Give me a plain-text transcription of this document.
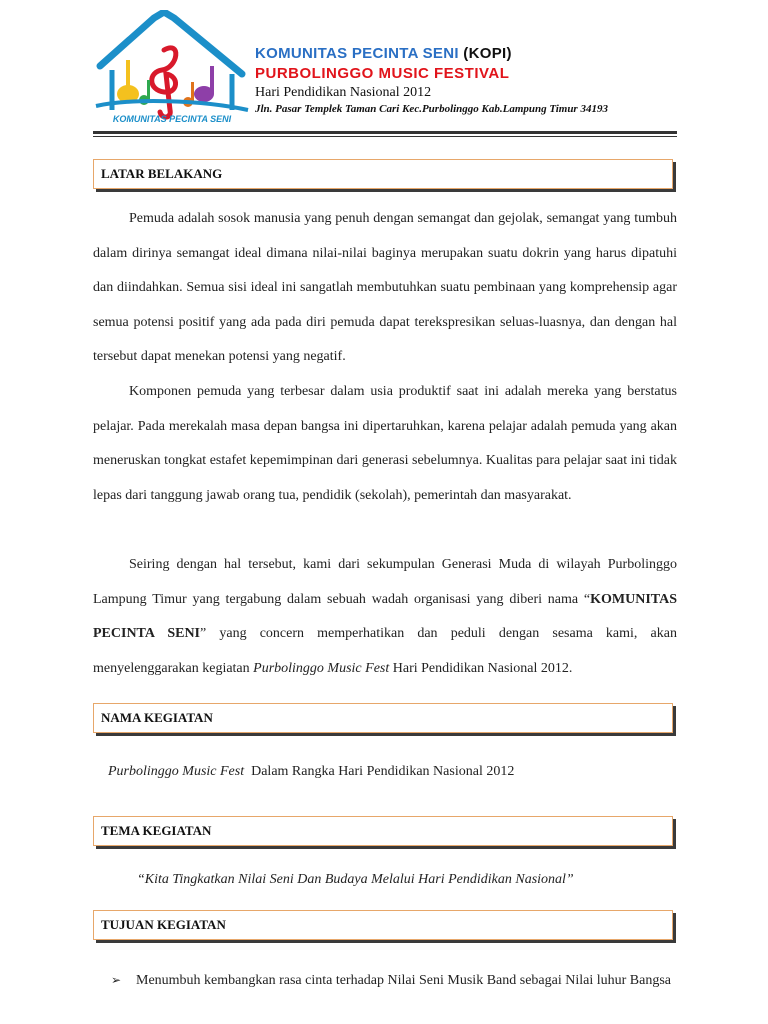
KOMUNITAS PECINTA SENI
KOMUNITAS PECINTA SENI (KOPI)
PURBOLINGGO MUSIC FESTIVAL
Hari Pendidikan Nasional 2012
Jln. Pasar Templek Taman Cari Kec.Purbolinggo Kab.Lampung Timur 34193
LATAR BELAKANG

Pemuda adalah sosok manusia yang penuh dengan semangat dan gejolak, semangat yang tumbuh dalam dirinya semangat ideal dimana nilai-nilai baginya merupakan suatu dokrin yang harus dipatuhi dan diindahkan. Semua sisi ideal ini sangatlah membutuhkan suatu pembinaan yang komprehensip agar semua potensi positif yang ada pada diri pemuda dapat terekspresikan seluas-luasnya, dan dengan hal tersebut dapat menekan potensi yang negatif.

Komponen pemuda yang terbesar dalam usia produktif saat ini adalah mereka yang berstatus pelajar. Pada merekalah masa depan bangsa ini dipertaruhkan, karena pelajar adalah pemuda yang akan meneruskan tongkat estafet kepemimpinan dari generasi sebelumnya. Kualitas para pelajar saat ini tidak lepas dari tanggung jawab orang tua, pendidik (sekolah), pemerintah dan masyarakat.

Seiring dengan hal tersebut, kami dari sekumpulan Generasi Muda di wilayah Purbolinggo Lampung Timur yang tergabung dalam sebuah wadah organisasi yang diberi nama “KOMUNITAS PECINTA SENI” yang concern memperhatikan dan peduli dengan sesama kami, akan menyelenggarakan kegiatan Purbolinggo Music Fest Hari Pendidikan Nasional 2012.

NAMA KEGIATAN
Purbolinggo Music Fest  Dalam Rangka Hari Pendidikan Nasional 2012
TEMA KEGIATAN
“Kita Tingkatkan Nilai Seni Dan Budaya Melalui Hari Pendidikan Nasional”
TUJUAN KEGIATAN
➢ Menumbuh kembangkan rasa cinta terhadap Nilai Seni Musik Band sebagai Nilai luhur Bangsa
